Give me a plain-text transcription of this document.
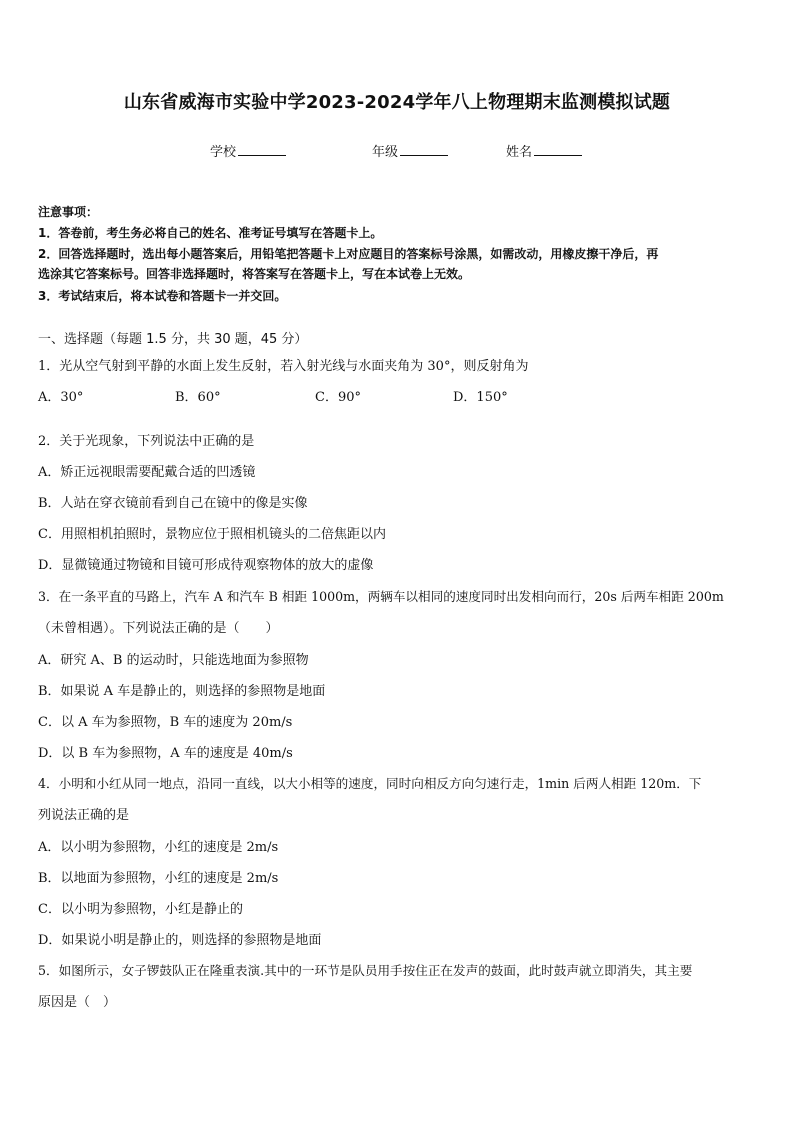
山东省威海市实验中学2023-2024学年八上物理期末监测模拟试题
学校	年级	姓名
注意事项：
1．答卷前，考生务必将自己的姓名、准考证号填写在答题卡上。
2．回答选择题时，选出每小题答案后，用铅笔把答题卡上对应题目的答案标号涂黑，如需改动，用橡皮擦干净后，再
选涂其它答案标号。回答非选择题时，将答案写在答题卡上，写在本试卷上无效。
3．考试结束后，将本试卷和答题卡一并交回。
一、选择题（每题 1.5 分，共 30 题，45 分）
1．光从空气射到平静的水面上发生反射，若入射光线与水面夹角为 30°，则反射角为
A．30°	B．60°	C．90°	D．150°
2．关于光现象，下列说法中正确的是
A．矫正远视眼需要配戴合适的凹透镜
B．人站在穿衣镜前看到自己在镜中的像是实像
C．用照相机拍照时，景物应位于照相机镜头的二倍焦距以内
D．显微镜通过物镜和目镜可形成待观察物体的放大的虚像
3．在一条平直的马路上，汽车 A 和汽车 B 相距 1000m，两辆车以相同的速度同时出发相向而行，20s 后两车相距 200m
（未曾相遇）。下列说法正确的是（　　）
A．研究 A、B 的运动时，只能选地面为参照物
B．如果说 A 车是静止的，则选择的参照物是地面
C．以 A 车为参照物，B 车的速度为 20m/s
D．以 B 车为参照物，A 车的速度是 40m/s
4．小明和小红从同一地点，沿同一直线，以大小相等的速度，同时向相反方向匀速行走，1min 后两人相距 120m．下
列说法正确的是
A．以小明为参照物，小红的速度是 2m/s
B．以地面为参照物，小红的速度是 2m/s
C．以小明为参照物，小红是静止的
D．如果说小明是静止的，则选择的参照物是地面
5．如图所示，女子锣鼓队正在隆重表演.其中的一环节是队员用手按住正在发声的鼓面，此时鼓声就立即消失，其主要
原因是（　）
